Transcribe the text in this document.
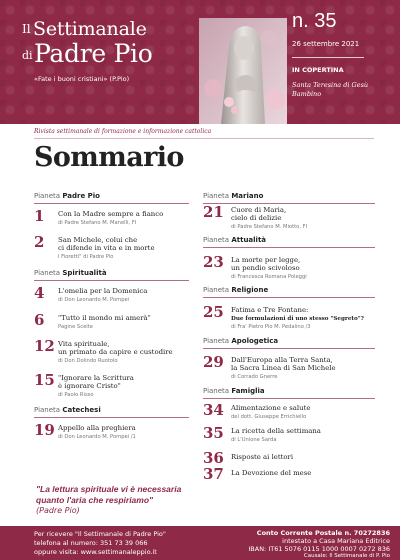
Il Settimanale
di Padre Pio
«Fate i buoni cristiani» (P.Pio)
n. 35
26 settembre 2021
IN COPERTINA
Santa Teresina di Gesù Bambino
Rivista settimanale di formazione e informazione cattolica
Sommario
Pianeta Padre Pio
Pianeta Spiritualità
Pianeta Catechesi
Pianeta Mariano
Pianeta Attualità
Pianeta Religione
Pianeta Apologetica
Pianeta Famiglia
1	Con la Madre sempre a fianco
di Padre Stefano M. Manelli, FI
2	San Michele, colui che
ci difende in vita e in morte
I Fioretti" di Padre Pio
4	L'omelia per la Domenica
di Don Leonardo M. Pompei
6	"Tutto il mondo mi amerà"
Pagine Scelte
12 Vita spirituale,
un primato da capire e custodire
di Don Dolindo Ruotolo
15 "Ignorare la Scrittura
è ignorare Cristo"
di Paolo Risso
19 Appello alla preghiera
di Don Leonardo M. Pompei /1
21	Cuore di Maria,
cielo di delizie
di Padre Stefano M. Miotto, FI
23	La morte per legge,
un pendio scivoloso
di Francesca Romana Poleggi
25	Fatima e Tre Fontane:
Due formulazioni di uno stesso "Segreto"?
di Fra' Pietro Pio M. Pedalino /3
29	Dall'Europa alla Terra Santa,
la Sacra Linea di San Michele
di Corrado Gnerre
34	Alimentazione e salute
del dott. Giuseppe Errichiello
35	La ricetta della settimana
di L'Unione Sarda
36	Risposte ai lettori
37	La Devozione del mese
"La lettura spirituale vi è necessaria quanto l'aria che respiriamo"
(Padre Pio)
Per ricevere "Il Settimanale di Padre Pio"
telefona al numero: 351 73 39 066
oppure visita: www.settimanaleppio.it
Conto Corrente Postale n. 70272836
intestato a Casa Mariana Editrice
IBAN: IT61 5076 0115 1000 0007 0272 836
Causale: Il Settimanale di P. Pio
